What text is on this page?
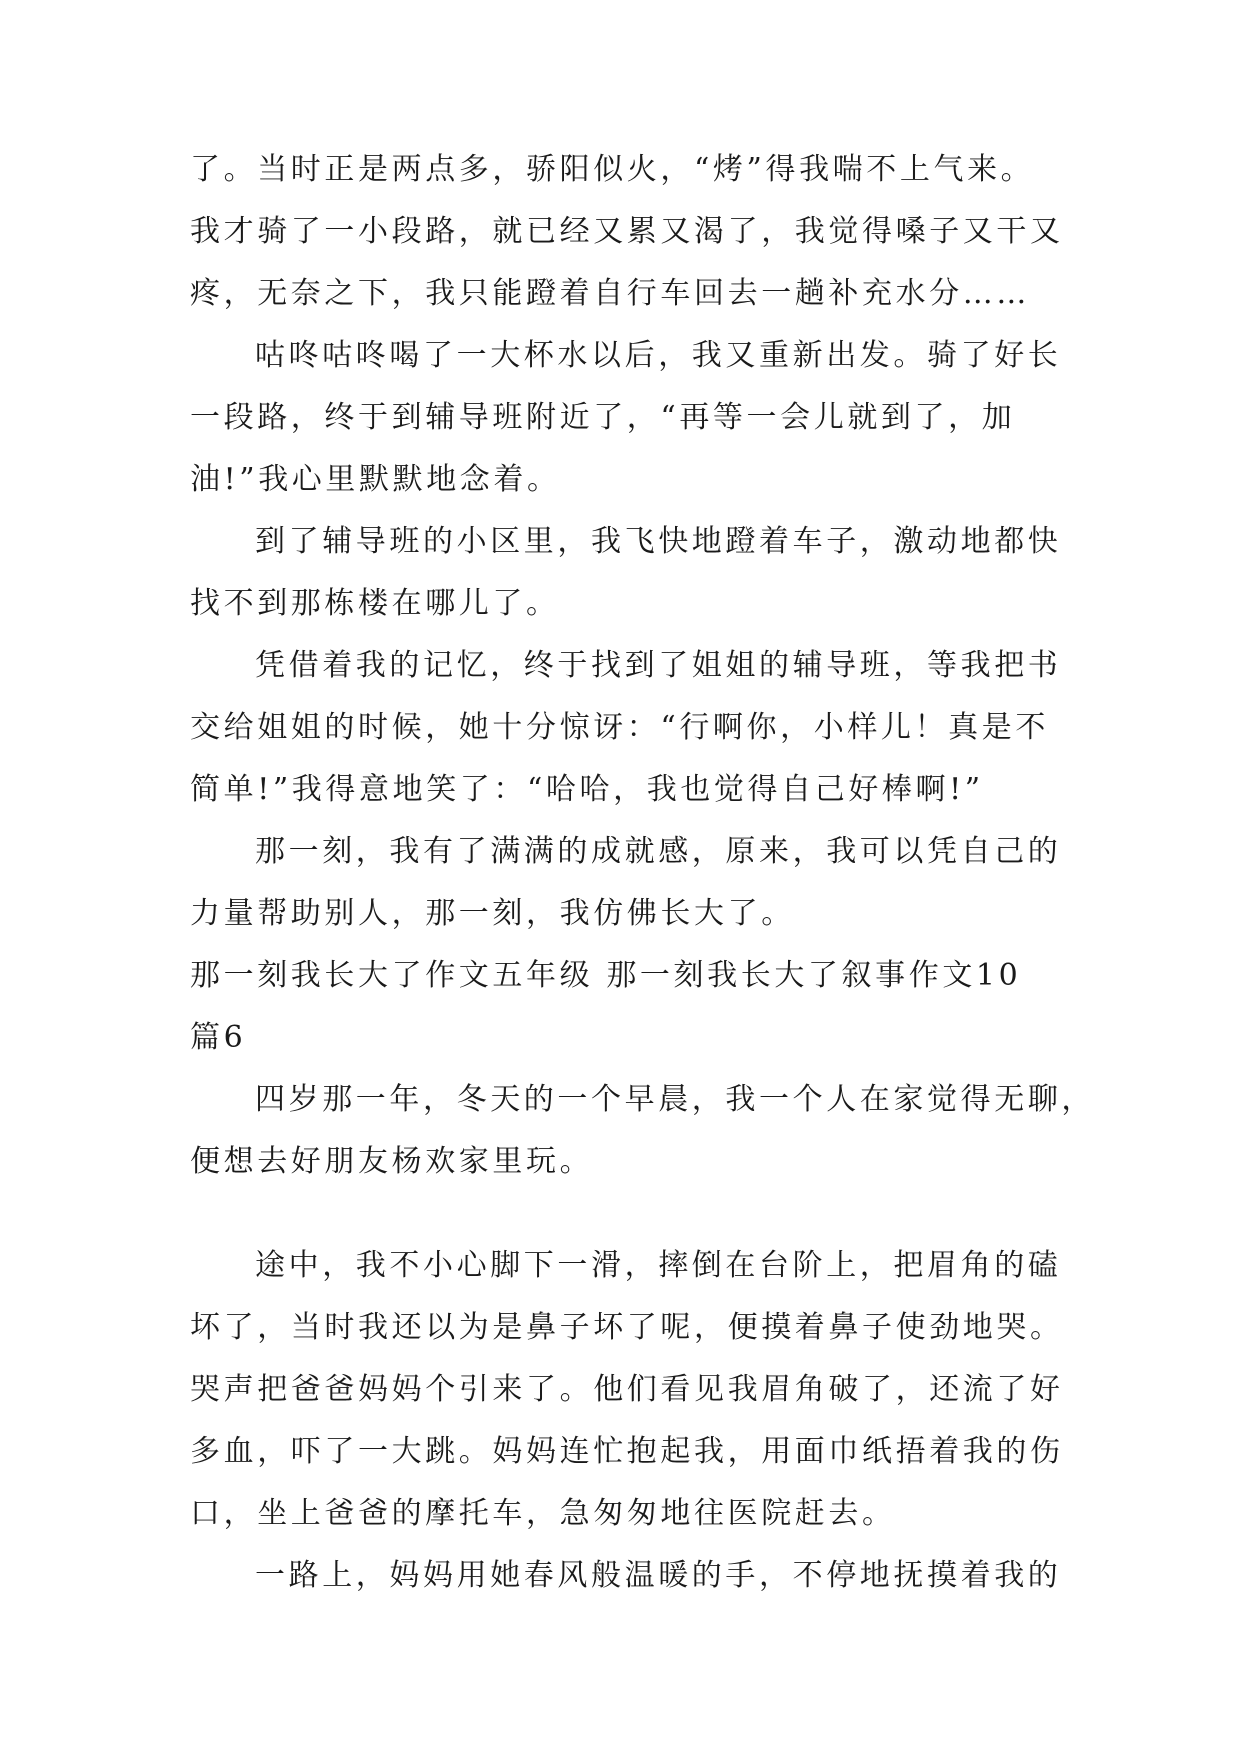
了。当时正是两点多，骄阳似火，“烤”得我喘不上气来。
我才骑了一小段路，就已经又累又渴了，我觉得嗓子又干又
疼，无奈之下，我只能蹬着自行车回去一趟补充水分……
咕咚咕咚喝了一大杯水以后，我又重新出发。骑了好长
一段路，终于到辅导班附近了，“再等一会儿就到了，加
油!”我心里默默地念着。
到了辅导班的小区里，我飞快地蹬着车子，激动地都快
找不到那栋楼在哪儿了。
凭借着我的记忆，终于找到了姐姐的辅导班，等我把书
交给姐姐的时候，她十分惊讶：“行啊你，小样儿！真是不
简单!”我得意地笑了：“哈哈，我也觉得自己好棒啊!”
那一刻，我有了满满的成就感，原来，我可以凭自己的
力量帮助别人，那一刻，我仿佛长大了。
那一刻我长大了作文五年级 那一刻我长大了叙事作文10
篇6
四岁那一年，冬天的一个早晨，我一个人在家觉得无聊，
便想去好朋友杨欢家里玩。
途中，我不小心脚下一滑，摔倒在台阶上，把眉角的磕
坏了，当时我还以为是鼻子坏了呢，便摸着鼻子使劲地哭。
哭声把爸爸妈妈个引来了。他们看见我眉角破了，还流了好
多血，吓了一大跳。妈妈连忙抱起我，用面巾纸捂着我的伤
口，坐上爸爸的摩托车，急匆匆地往医院赶去。
一路上，妈妈用她春风般温暖的手，不停地抚摸着我的
